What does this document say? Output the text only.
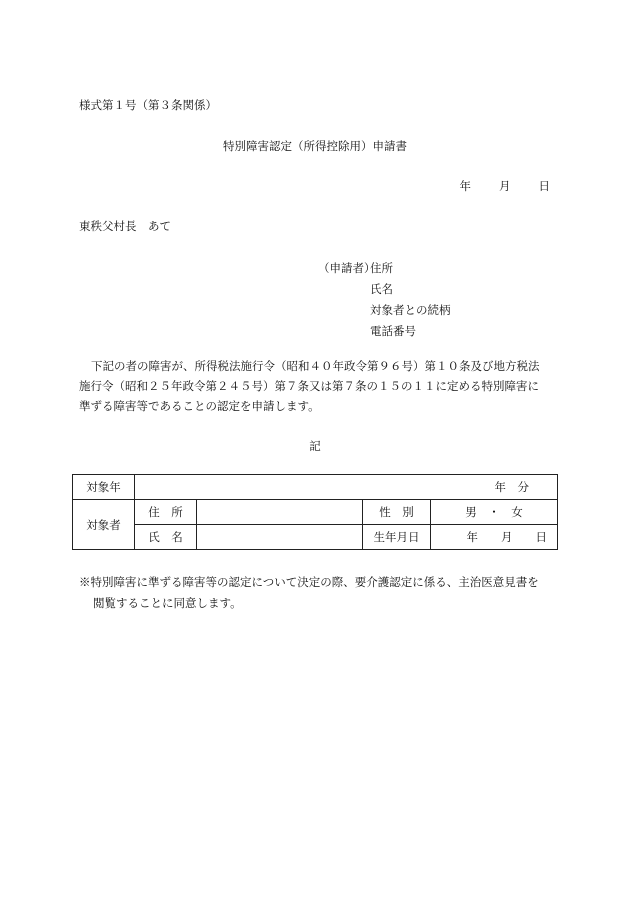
様式第１号（第３条関係）
特別障害認定（所得控除用）申請書
年 月 日
東秩父村長　あて
（申請者）住所
氏名
対象者との続柄
電話番号

下記の者の障害が、所得税法施行令（昭和４０年政令第９６号）第１０条及び地方税法

施行令（昭和２５年政令第２４５号）第７条又は第７条の１５の１１に定める特別障害に

準ずる障害等であることの認定を申請します。

記
対象年	年　分			
対象者	住　所		性　別	男　・　女
	氏　名		生年月日	年　　月　　日

※特別障害に準ずる障害等の認定について決定の際、要介護認定に係る、主治医意見書を

閲覧することに同意します。
